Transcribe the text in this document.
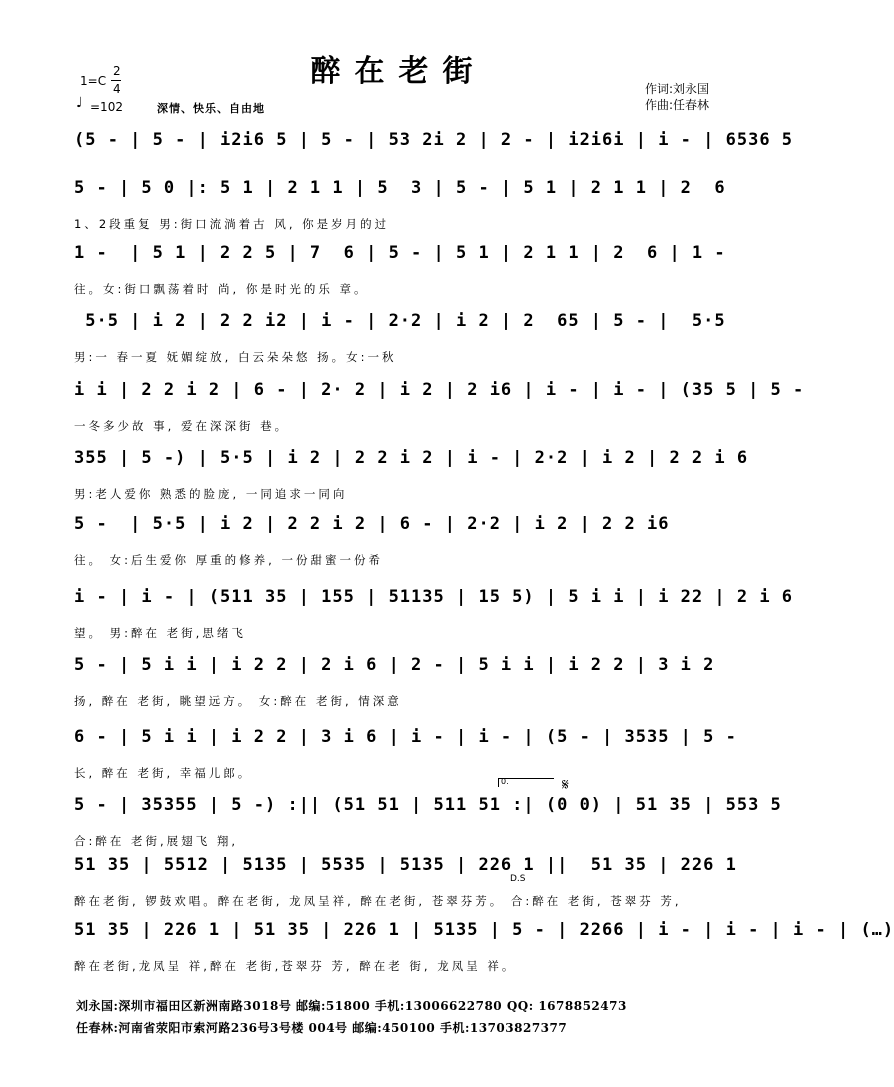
醉在老街
1=C
2
4
♩ =102	深情、快乐、自由地
作词:刘永国
作曲:任春林
(5 - | 5 - | i2i6 5 | 5 - | 53 2i 2 | 2 - | i2i6i | i - | 6536 5
5 - | 5 0 |: 5 1 | 2 1 1 | 5  3 | 5 - | 5 1 | 2 1 1 | 2  6
1、2段重复 男:街口流淌着古 风, 你是岁月的过
1 -  | 5 1 | 2 2 5 | 7  6 | 5 - | 5 1 | 2 1 1 | 2  6 | 1 -
往。女:街口飘荡着时 尚, 你是时光的乐 章。
5·5 | i 2 | 2 2 i2 | i - | 2·2 | i 2 | 2  65 | 5 - |  5·5
男:一 春一夏 妩媚绽放, 白云朵朵悠 扬。女:一秋
i i | 2 2 i 2 | 6 - | 2· 2 | i 2 | 2 i6 | i - | i - | (35 5 | 5 -
一冬多少故 事, 爱在深深街 巷。
355 | 5 -) | 5·5 | i 2 | 2 2 i 2 | i - | 2·2 | i 2 | 2 2 i 6
男:老人爱你 熟悉的脸庞, 一同追求一同向
5 -  | 5·5 | i 2 | 2 2 i 2 | 6 - | 2·2 | i 2 | 2 2 i6
往。 女:后生爱你 厚重的修养, 一份甜蜜一份希
i - | i - | (511 35 | 155 | 51135 | 15 5) | 5 i i | i 22 | 2 i 6
望。 男:醉在 老街,思绪飞
5 - | 5 i i | i 2 2 | 2 i 6 | 2 - | 5 i i | i 2 2 | 3 i 2
扬, 醉在 老街, 眺望远方。 女:醉在 老街, 情深意
6 - | 5 i i | i 2 2 | 3 i 6 | i - | i - | (5 - | 3535 | 5 -
长, 醉在 老街, 幸福儿郎。
5 - | 35355 | 5 -) :|| (51 51 | 511 51 :| (0 0) | 51 35 | 553 5
合:醉在 老街,展翅飞 翔,
51 35 | 5512 | 5135 | 5535 | 5135 | 226 1 ||  51 35 | 226 1
醉在老街, 锣鼓欢唱。醉在老街, 龙凤呈祥, 醉在老街, 苍翠芬芳。 合:醉在 老街, 苍翠芬 芳,
51 35 | 226 1 | 51 35 | 226 1 | 5135 | 5 - | 2266 | i - | i - | i - | (…)
醉在老街,龙凤呈 祥,醉在 老街,苍翠芬 芳, 醉在老 街, 龙凤呈 祥。
0.	𝄋
D.S
刘永国:深圳市福田区新洲南路3018号 邮编:51800 手机:13006622780 QQ: 1678852473
任春林:河南省荥阳市索河路236号3号楼 004号 邮编:450100 手机:13703827377
